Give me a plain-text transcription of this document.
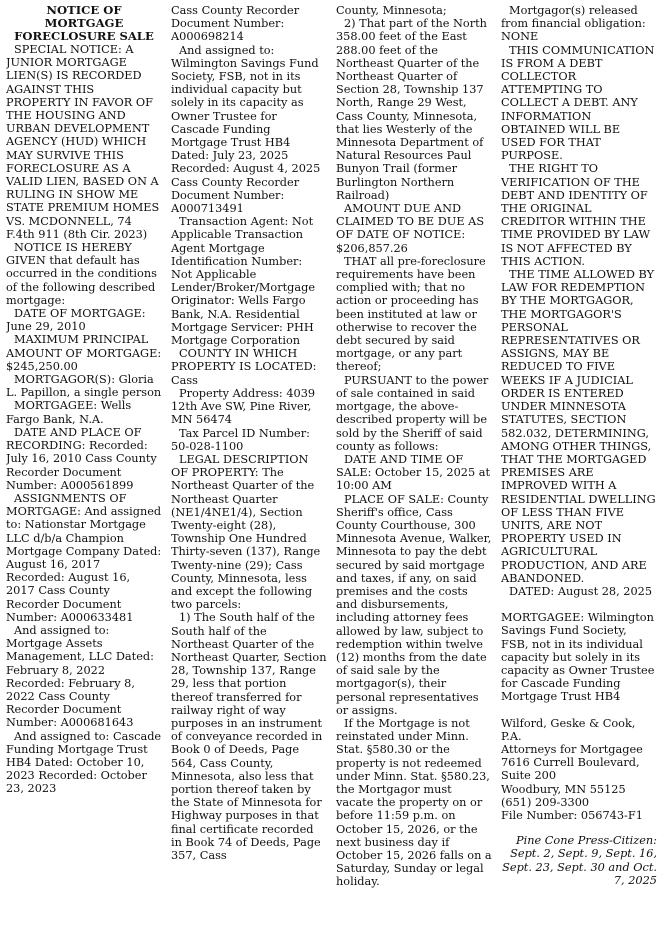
NOTICE OF MORTGAGE FORECLOSURE SALE

SPECIAL NOTICE: A JUNIOR MORTGAGE LIEN(S) IS RECORDED AGAINST THIS PROPERTY IN FAVOR OF THE HOUSING AND URBAN DEVELOPMENT AGENCY (HUD) WHICH MAY SURVIVE THIS FORECLOSURE AS A VALID LIEN, BASED ON A RULING IN SHOW ME STATE PREMIUM HOMES VS. MCDONNELL, 74 F.4th 911 (8th Cir. 2023)

NOTICE IS HEREBY GIVEN that default has occurred in the conditions of the following described mortgage:

DATE OF MORTGAGE: June 29, 2010

MAXIMUM PRINCIPAL AMOUNT OF MORTGAGE: $245,250.00

MORTGAGOR(S): Gloria L. Papillon, a single person

MORTGAGEE: Wells Fargo Bank, N.A.

DATE AND PLACE OF RECORDING: Recorded: July 16, 2010 Cass County Recorder Document Number: A000561899

ASSIGNMENTS OF MORTGAGE: And assigned to: Nationstar Mortgage LLC d/b/a Champion Mortgage Company Dated: August 16, 2017 Recorded: August 16, 2017 Cass County Recorder Document Number: A000633481

And assigned to: Mortgage Assets Management, LLC Dated: February 8, 2022 Recorded: February 8, 2022 Cass County Recorder Document Number: A000681643

And assigned to: Cascade Funding Mortgage Trust HB4 Dated: October 10, 2023 Recorded: October 23, 2023

Cass County Recorder Document Number: A000698214

And assigned to: Wilmington Savings Fund Society, FSB, not in its individual capacity but solely in its capacity as Owner Trustee for Cascade Funding Mortgage Trust HB4 Dated: July 23, 2025 Recorded: August 4, 2025 Cass County Recorder Document Number: A000713491

Transaction Agent: Not Applicable Transaction Agent Mortgage Identification Number: Not Applicable Lender/Broker/Mortgage Originator: Wells Fargo Bank, N.A. Residential Mortgage Servicer: PHH Mortgage Corporation

COUNTY IN WHICH PROPERTY IS LOCATED: Cass

Property Address: 4039 12th Ave SW, Pine River, MN 56474

Tax Parcel ID Number: 50-028-1100

LEGAL DESCRIPTION OF PROPERTY: The Northeast Quarter of the Northeast Quarter (NE1/4NE1/4), Section Twenty-eight (28), Township One Hundred Thirty-seven (137), Range Twenty-nine (29); Cass County, Minnesota, less and except the following two parcels:

1) The South half of the South half of the Northeast Quarter of the Northeast Quarter, Section 28, Township 137, Range 29, less that portion thereof transferred for railway right of way purposes in an instrument of conveyance recorded in Book 0 of Deeds, Page 564, Cass County, Minnesota, also less that portion thereof taken by the State of Minnesota for Highway purposes in that final certificate recorded in Book 74 of Deeds, Page 357, Cass

County, Minnesota;

2) That part of the North 358.00 feet of the East 288.00 feet of the Northeast Quarter of the Northeast Quarter of Section 28, Township 137 North, Range 29 West, Cass County, Minnesota, that lies Westerly of the Minnesota Department of Natural Resources Paul Bunyon Trail (former Burlington Northern Railroad)

AMOUNT DUE AND CLAIMED TO BE DUE AS OF DATE OF NOTICE: $206,857.26

THAT all pre-foreclosure requirements have been complied with; that no action or proceeding has been instituted at law or otherwise to recover the debt secured by said mortgage, or any part thereof;

PURSUANT to the power of sale contained in said mortgage, the above-described property will be sold by the Sheriff of said county as follows:

DATE AND TIME OF SALE: October 15, 2025 at 10:00 AM

PLACE OF SALE: County Sheriff's office, Cass County Courthouse, 300 Minnesota Avenue, Walker, Minnesota to pay the debt secured by said mortgage and taxes, if any, on said premises and the costs and disbursements, including attorney fees allowed by law, subject to redemption within twelve (12) months from the date of said sale by the mortgagor(s), their personal representatives or assigns.

If the Mortgage is not reinstated under Minn. Stat. §580.30 or the property is not redeemed under Minn. Stat. §580.23, the Mortgagor must vacate the property on or before 11:59 p.m. on October 15, 2026, or the next business day if October 15, 2026 falls on a Saturday, Sunday or legal holiday.

Mortgagor(s) released from financial obligation: NONE

THIS COMMUNICATION IS FROM A DEBT COLLECTOR ATTEMPTING TO COLLECT A DEBT. ANY INFORMATION OBTAINED WILL BE USED FOR THAT PURPOSE.

THE RIGHT TO VERIFICATION OF THE DEBT AND IDENTITY OF THE ORIGINAL CREDITOR WITHIN THE TIME PROVIDED BY LAW IS NOT AFFECTED BY THIS ACTION.

THE TIME ALLOWED BY LAW FOR REDEMPTION BY THE MORTGAGOR, THE MORTGAGOR'S PERSONAL REPRESENTATIVES OR ASSIGNS, MAY BE REDUCED TO FIVE WEEKS IF A JUDICIAL ORDER IS ENTERED UNDER MINNESOTA STATUTES, SECTION 582.032, DETERMINING, AMONG OTHER THINGS, THAT THE MORTGAGED PREMISES ARE IMPROVED WITH A RESIDENTIAL DWELLING OF LESS THAN FIVE UNITS, ARE NOT PROPERTY USED IN AGRICULTURAL PRODUCTION, AND ARE ABANDONED.

DATED: August 28, 2025

MORTGAGEE: Wilmington Savings Fund Society, FSB, not in its individual capacity but solely in its capacity as Owner Trustee for Cascade Funding Mortgage Trust HB4

Wilford, Geske & Cook, P.A.

Attorneys for Mortgagee

7616 Currell Boulevard, Suite 200

Woodbury, MN 55125

(651) 209-3300

File Number: 056743-F1

Pine Cone Press-Citizen: Sept. 2, Sept. 9, Sept. 16, Sept. 23, Sept. 30 and Oct. 7, 2025
